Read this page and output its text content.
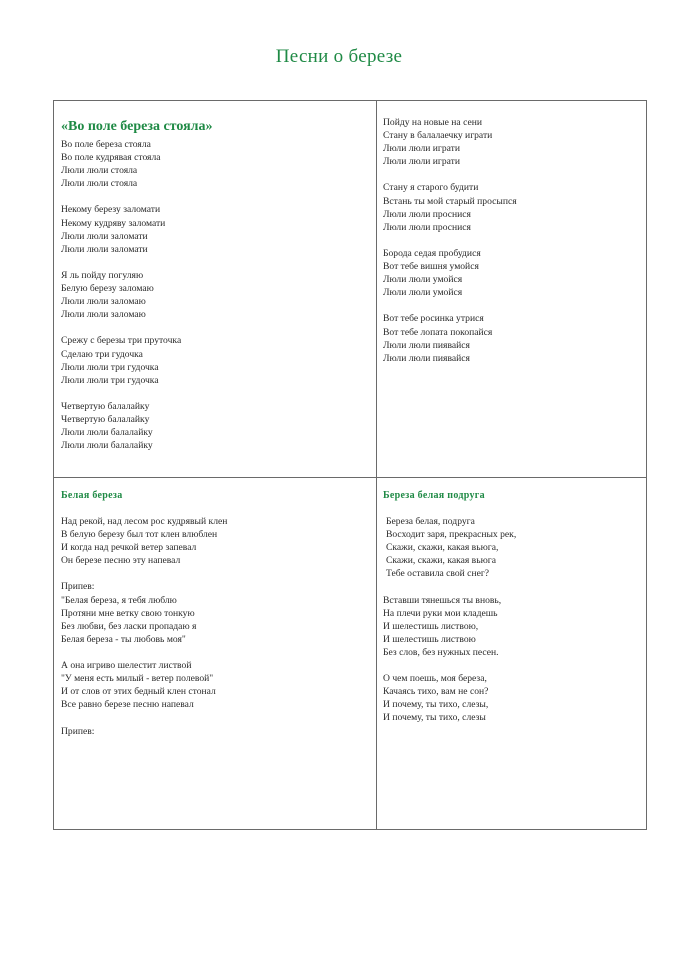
Песни о березе
«Во поле береза стояла»
Во поле береза стояла
Во поле кудрявая стояла
Люли люли стояла
Люли люли стояла
Некому березу заломати
Некому кудряву заломати
Люли люли заломати
Люли люли заломати
Я ль пойду погуляю
Белую березу заломаю
Люли люли заломаю
Люли люли заломаю
Срежу с березы три пруточка
Сделаю три гудочка
Люли люли три гудочка
Люли люли три гудочка
Четвертую балалайку
Четвертую балалайку
Люли люли балалайку
Люли люли балалайку
Пойду на новые на сени
Стану в балалаечку играти
Люли люли играти
Люли люли играти
Стану я старого будити
Встань ты мой старый просыпся
Люли люли проснися
Люли люли проснися
Борода седая пробудися
Вот тебе вишня умойся
Люли люли умойся
Люли люли умойся
Вот тебе росинка утрися
Вот тебе лопата покопайся
Люли люли пиявайся
Люли люли пиявайся
Белая береза
Над рекой, над лесом рос кудрявый клен
В белую березу был тот клен влюблен
И когда над речкой ветер запевал
Он березе песню эту напевал
Припев:
"Белая береза, я тебя люблю
Протяни мне ветку свою тонкую
Без любви, без ласки пропадаю я
Белая береза - ты любовь моя"
А она игриво шелестит листвой
"У меня есть милый - ветер полевой"
И от слов от этих бедный клен стонал
Все равно березе песню напевал
Припев:
Береза белая подруга
Береза белая, подруга
Восходит заря, прекрасных рек,
Скажи, скажи, какая вьюга,
Скажи, скажи, какая вьюга
Тебе оставила свой снег?
Вставши тянешься ты вновь,
На плечи руки мои кладешь
И шелестишь листвою,
И шелестишь листвою
Без слов, без нужных песен.
О чем поешь, моя береза,
Качаясь тихо, вам не сон?
И почему, ты тихо, слезы,
И почему, ты тихо, слезы
